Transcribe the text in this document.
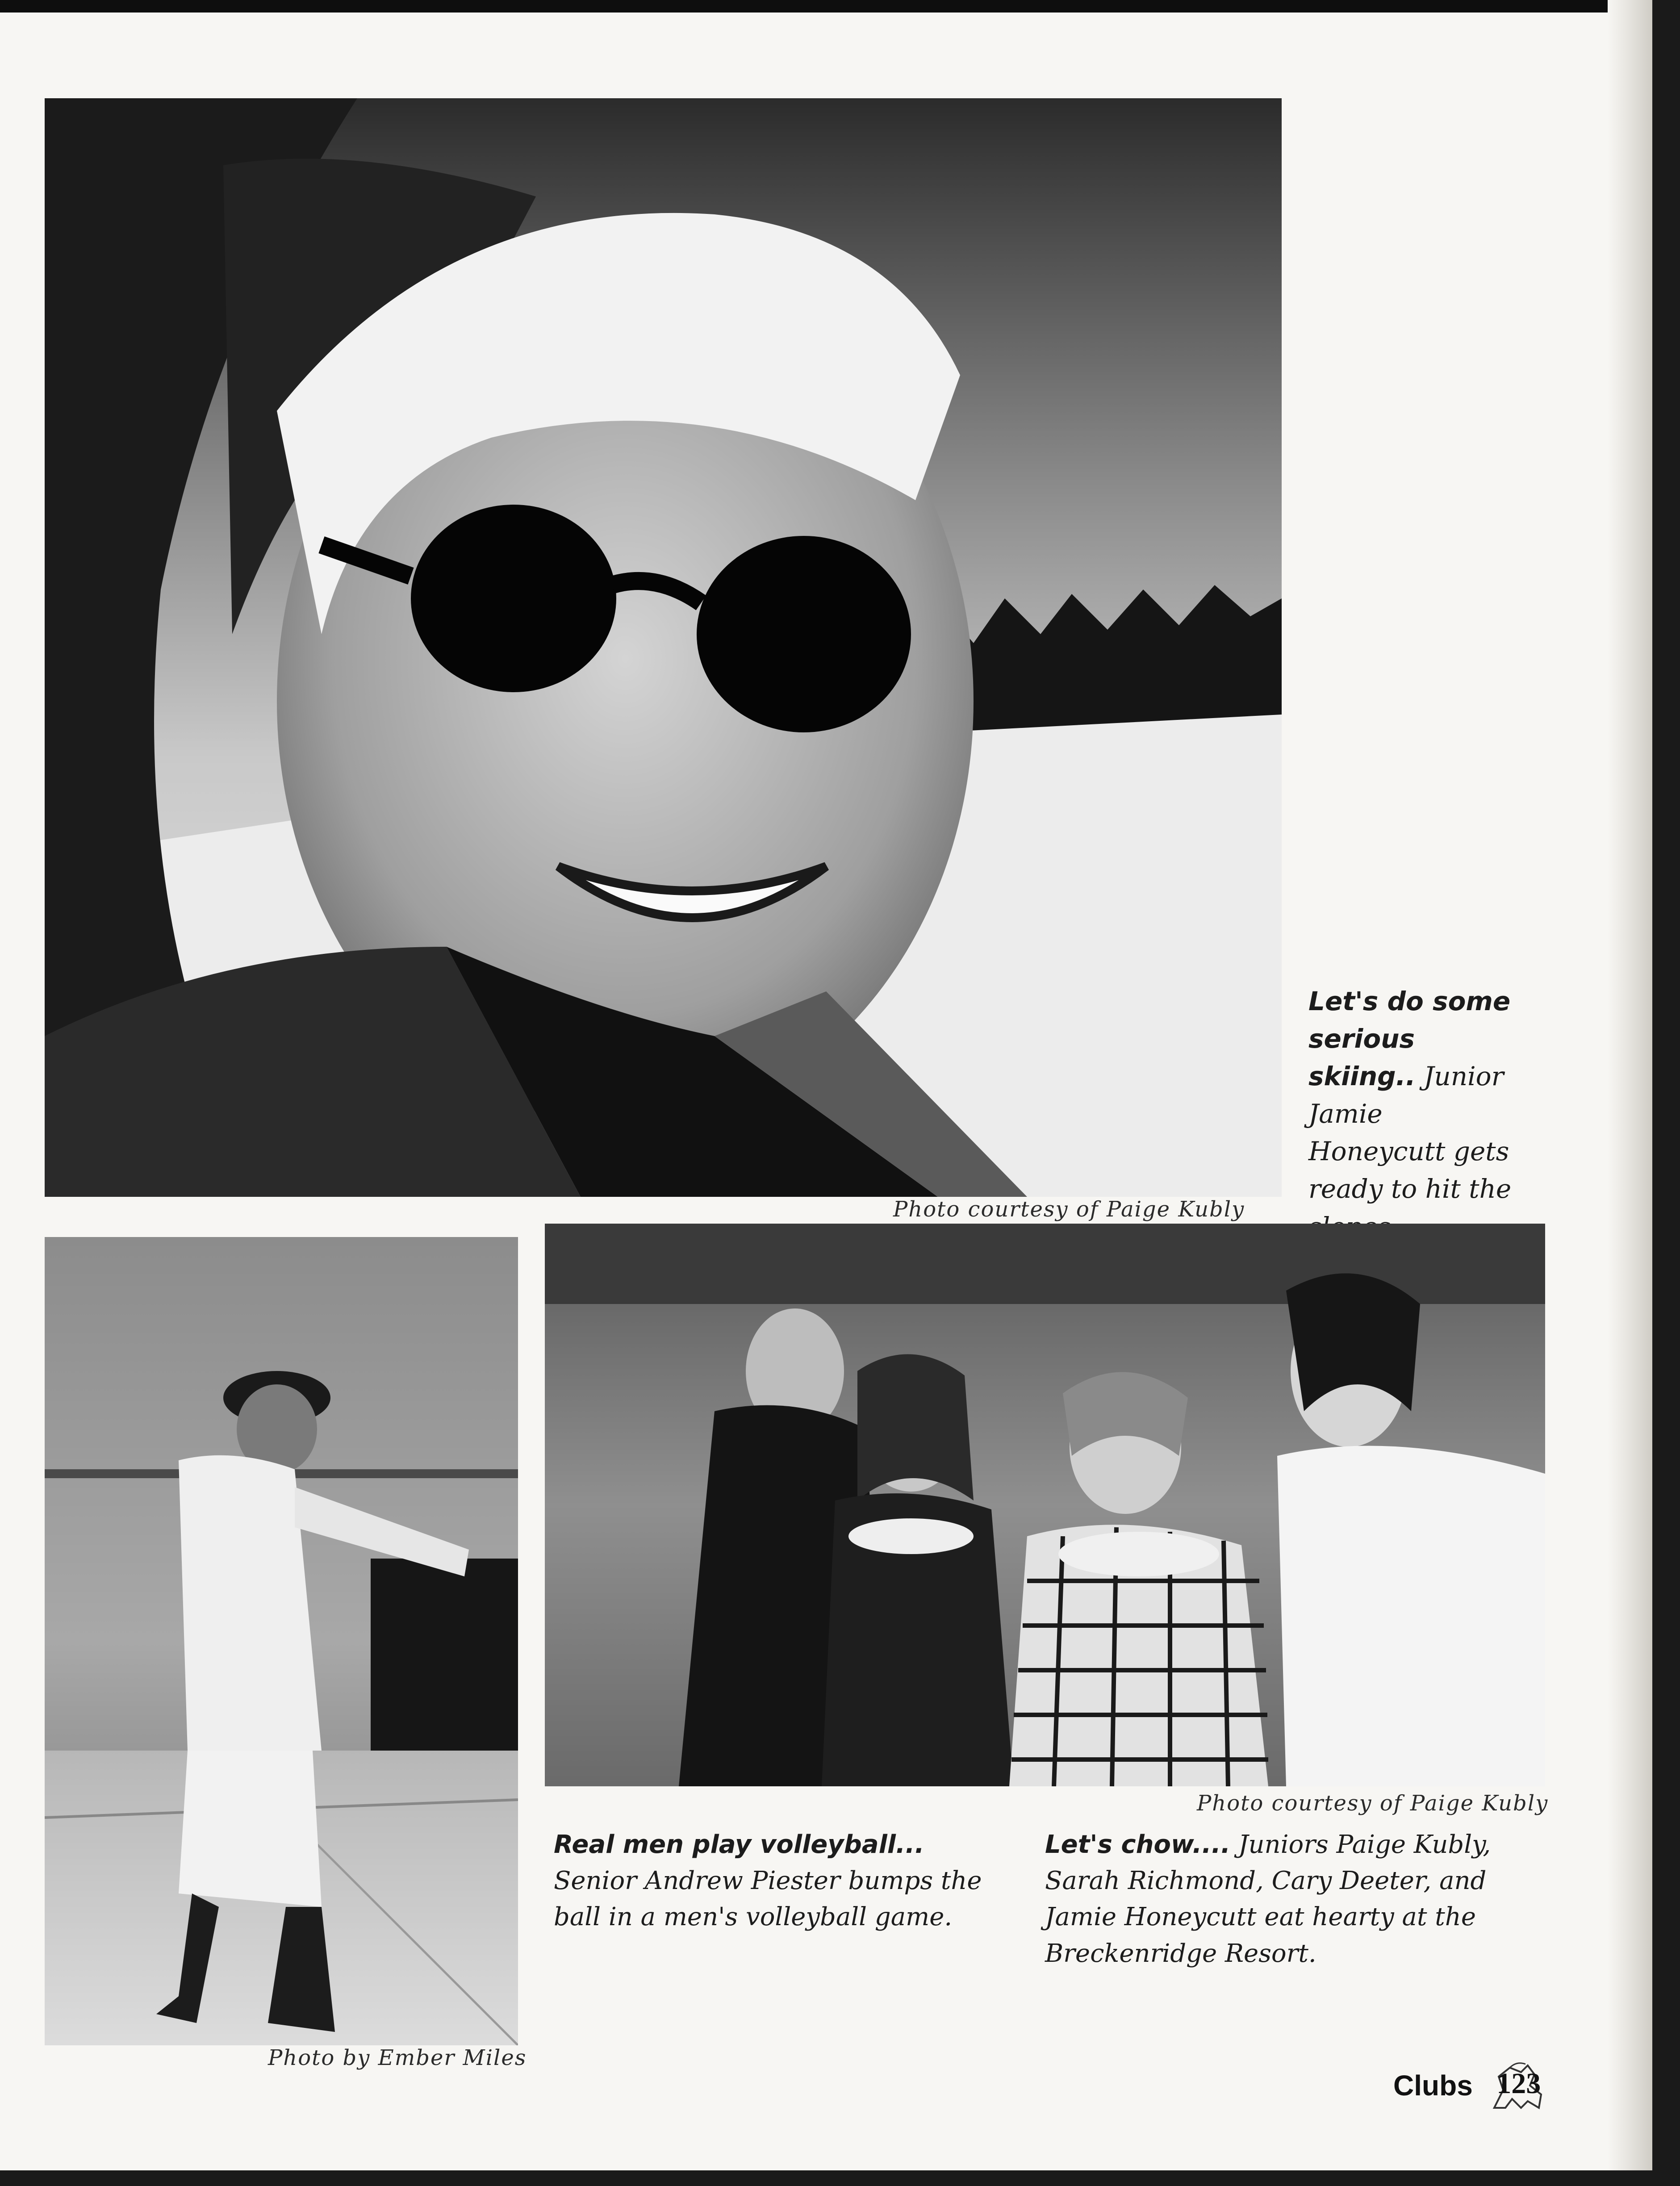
Photo courtesy of Paige Kubly
Let's do some serious skiing.. Junior Jamie Honeycutt gets ready to hit the
Photo by Ember Miles
Photo courtesy of Paige Kubly
Real men play volleyball... Senior Andrew Piester bumps the ball in a men's volleyball game.
Let's chow.... Juniors Paige Kubly, Sarah Richmond, Cary Deeter, and Jamie Honeycutt eat hearty at the Breckenridge Resort.
Clubs 123
